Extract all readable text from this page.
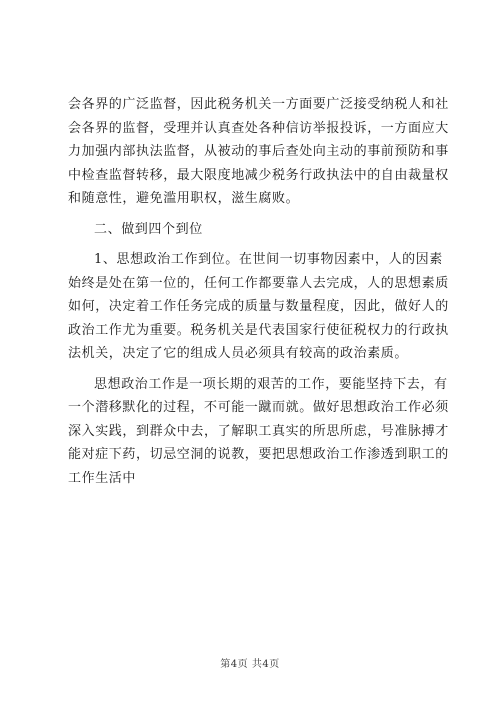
会各界的广泛监督，因此税务机关一方面要广泛接受纳税人和社
会各界的监督，受理并认真查处各种信访举报投诉，一方面应大
力加强内部执法监督，从被动的事后查处向主动的事前预防和事
中检查监督转移，最大限度地减少税务行政执法中的自由裁量权
和随意性，避免滥用职权，滋生腐败。
二、做到四个到位
1、思想政治工作到位。在世间一切事物因素中，人的因素
始终是处在第一位的，任何工作都要靠人去完成，人的思想素质
如何，决定着工作任务完成的质量与数量程度，因此，做好人的
政治工作尤为重要。税务机关是代表国家行使征税权力的行政执
法机关，决定了它的组成人员必须具有较高的政治素质。
思想政治工作是一项长期的艰苦的工作，要能坚持下去，有
一个潜移默化的过程，不可能一蹴而就。做好思想政治工作必须
深入实践，到群众中去，了解职工真实的所思所虑，号准脉搏才
能对症下药，切忌空洞的说教，要把思想政治工作渗透到职工的
工作生活中
第4页 共4页
